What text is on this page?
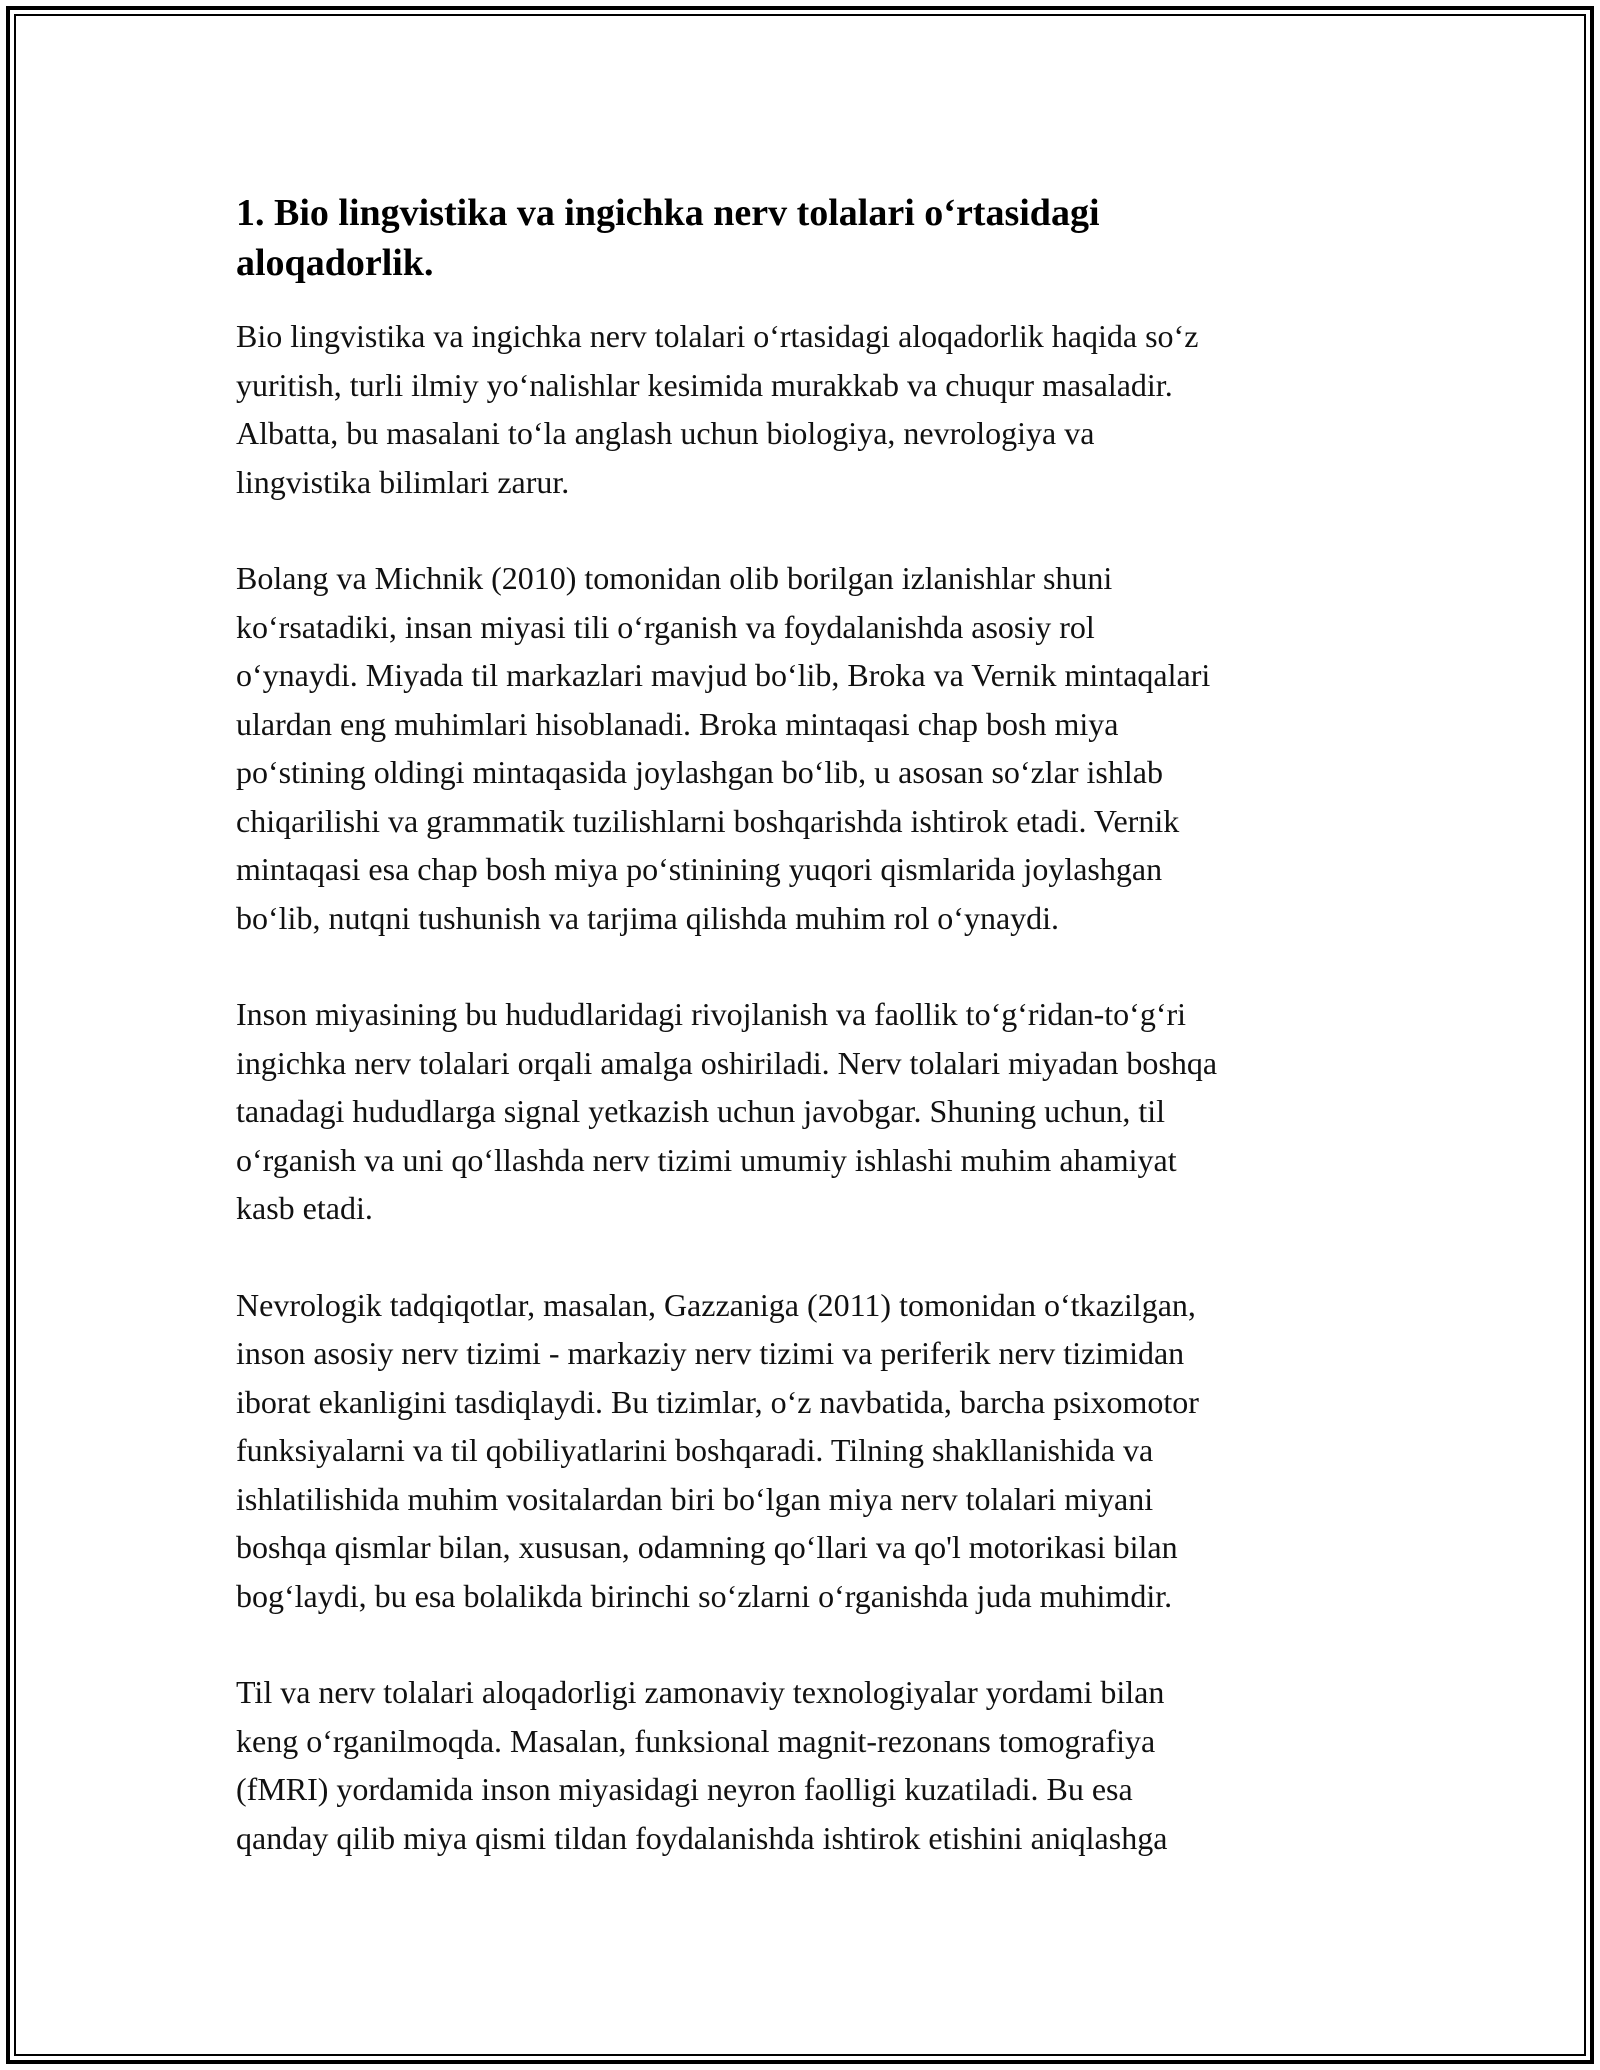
1. Bio lingvistika va ingichka nerv tolalari o‘rtasidagi
aloqadorlik.

Bio lingvistika va ingichka nerv tolalari o‘rtasidagi aloqadorlik haqida so‘z
yuritish, turli ilmiy yo‘nalishlar kesimida murakkab va chuqur masaladir.
Albatta, bu masalani to‘la anglash uchun biologiya, nevrologiya va
lingvistika bilimlari zarur.

Bolang va Michnik (2010) tomonidan olib borilgan izlanishlar shuni
ko‘rsatadiki, insan miyasi tili o‘rganish va foydalanishda asosiy rol
o‘ynaydi. Miyada til markazlari mavjud bo‘lib, Broka va Vernik mintaqalari
ulardan eng muhimlari hisoblanadi. Broka mintaqasi chap bosh miya
po‘stining oldingi mintaqasida joylashgan bo‘lib, u asosan so‘zlar ishlab
chiqarilishi va grammatik tuzilishlarni boshqarishda ishtirok etadi. Vernik
mintaqasi esa chap bosh miya po‘stinining yuqori qismlarida joylashgan
bo‘lib, nutqni tushunish va tarjima qilishda muhim rol o‘ynaydi.

Inson miyasining bu hududlaridagi rivojlanish va faollik to‘g‘ridan-to‘g‘ri
ingichka nerv tolalari orqali amalga oshiriladi. Nerv tolalari miyadan boshqa
tanadagi hududlarga signal yetkazish uchun javobgar. Shuning uchun, til
o‘rganish va uni qo‘llashda nerv tizimi umumiy ishlashi muhim ahamiyat
kasb etadi.

Nevrologik tadqiqotlar, masalan, Gazzaniga (2011) tomonidan o‘tkazilgan,
inson asosiy nerv tizimi - markaziy nerv tizimi va periferik nerv tizimidan
iborat ekanligini tasdiqlaydi. Bu tizimlar, o‘z navbatida, barcha psixomotor
funksiyalarni va til qobiliyatlarini boshqaradi. Tilning shakllanishida va
ishlatilishida muhim vositalardan biri bo‘lgan miya nerv tolalari miyani
boshqa qismlar bilan, xususan, odamning qo‘llari va qo'l motorikasi bilan
bog‘laydi, bu esa bolalikda birinchi so‘zlarni o‘rganishda juda muhimdir.

Til va nerv tolalari aloqadorligi zamonaviy texnologiyalar yordami bilan
keng o‘rganilmoqda. Masalan, funksional magnit-rezonans tomografiya
(fMRI) yordamida inson miyasidagi neyron faolligi kuzatiladi. Bu esa
qanday qilib miya qismi tildan foydalanishda ishtirok etishini aniqlashga
